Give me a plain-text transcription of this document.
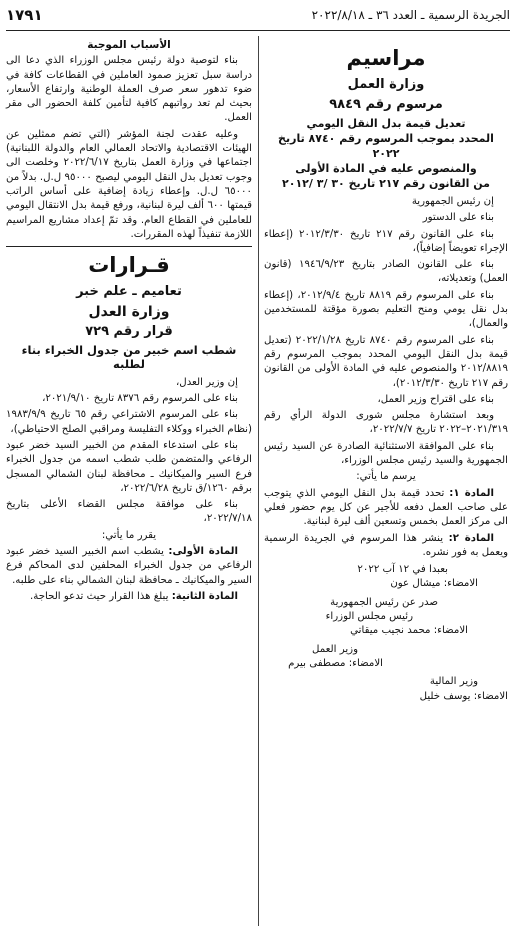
الجريدة الرسمية ـ العدد ٣٦ ـ ٢٠٢٢/٨/١٨
١٧٩١
مراسيم
وزارة العمل
مرسوم رقم ٩٨٤٩
تعديل قيمة بدل النقل اليومي
المحدد بموجب المرسوم رقم ٨٧٤٠ تاريخ ٢٠٢٢
والمنصوص عليه في المادة الأولى
من القانون رقم ٢١٧ تاريخ ٣٠ /٣ /٢٠١٢

إن رئيس الجمهورية

بناء على الدستور

بناء على القانون رقم ٢١٧ تاريخ ٢٠١٢/٣/٣٠ (إعطاء الإجراء تعويضاً إضافياً)،

بناء على القانون الصادر بتاريخ ١٩٤٦/٩/٢٣ (قانون العمل) وتعديلاته،

بناء على المرسوم رقم ٨٨١٩ تاريخ ٢٠١٢/٩/٤، (إعطاء بدل نقل يومي ومنح التعليم بصورة مؤقتة للمستخدمين والعمال)،

بناء على المرسوم رقم ٨٧٤٠ تاريخ ٢٠٢٢/١/٢٨ (تعديل قيمة بدل النقل اليومي المحدد بموجب المرسوم رقم ٢٠١٢/٨٨١٩ والمنصوص عليه في المادة الأولى من القانون رقم ٢١٧ تاريخ ٢٠١٢/٣/٣٠)،

بناء على اقتراح وزير العمل،

وبعد استشارة مجلس شورى الدولة الرأي رقم ٢٠٢١/٣١٩–٢٠٢٢ تاريخ ٢٠٢٢/٧/٧،

بناء على الموافقة الاستثنائية الصادرة عن السيد رئيس الجمهورية والسيد رئيس مجلس الوزراء،

يرسم ما يأتي:

المادة ١: تحدد قيمة بدل النقل اليومي الذي يتوجب على صاحب العمل دفعه للأجير عن كل يوم حضور فعلي الى مركز العمل بخمس وتسعين ألف ليرة لبنانية.

المادة ٢: ينشر هذا المرسوم في الجريدة الرسمية ويعمل به فور نشره.

بعبدا في ١٢ آب ٢٠٢٢

الامضاء: ميشال عون

صدر عن رئيس الجمهورية

رئيس مجلس الوزراء

الامضاء: محمد نجيب ميقاتي

وزير العمل

الامضاء: مصطفى بيرم

وزير المالية

الامضاء: يوسف خليل

الأسباب الموجبة

بناء لتوصية دولة رئيس مجلس الوزراء الذي دعا الى دراسة سبل تعزيز صمود العاملين في القطاعات كافة في ضوء تدهور سعر صرف العملة الوطنية وارتفاع الأسعار، بحيث لم تعد رواتبهم كافية لتأمين كلفة الحضور الى مقر العمل.

وعليه عقدت لجنة المؤشر (التي تضم ممثلين عن الهيئات الاقتصادية والاتحاد العمالي العام والدولة اللبنانية) اجتماعها في وزارة العمل بتاريخ ٢٠٢٢/٦/١٧ وخلصت الى وجوب تعديل بدل النقل اليومي ليصبح ٩٥٠٠٠ ل.ل. بدلاً من ٦٥٠٠٠ ل.ل. وإعطاء زيادة إضافية على أساس الراتب قيمتها ٦٠٠ ألف ليرة لبنانية، ورفع قيمة بدل الانتقال اليومي للعاملين في القطاع العام. وقد تمّ إعداد مشاريع المراسيم اللازمة تنفيذاً لهذه المقررات.

قـرارات
تعاميم ـ علم خبر
وزارة العدل
قرار رقم ٧٢٩
شطب اسم خبير من جدول الخبراء بناء لطلبه

إن وزير العدل،

بناء على المرسوم رقم ٨٣٧٦ تاريخ ٢٠٢١/٩/١٠،

بناء على المرسوم الاشتراعي رقم ٦٥ تاريخ ١٩٨٣/٩/٩ (نظام الخبراء ووكلاء التفليسة ومراقبي الصلح الاحتياطي)،

بناء على استدعاء المقدم من الخبير السيد خضر عبود الرفاعي والمتضمن طلب شطب اسمه من جدول الخبراء فرع السير والميكانيك ـ محافظة لبنان الشمالي المسجل برقم ١٢٦٠/ق تاريخ ٢٠٢٢/٦/٢٨،

بناء على موافقة مجلس القضاء الأعلى بتاريخ ٢٠٢٢/٧/١٨،

يقرر ما يأتي:

المادة الأولى: يشطب اسم الخبير السيد خضر عبود الرفاعي من جدول الخبراء المحلفين لدى المحاكم فرع السير والميكانيك ـ محافظة لبنان الشمالي بناء على طلبه.

المادة الثانية: يبلغ هذا القرار حيث تدعو الحاجة.
